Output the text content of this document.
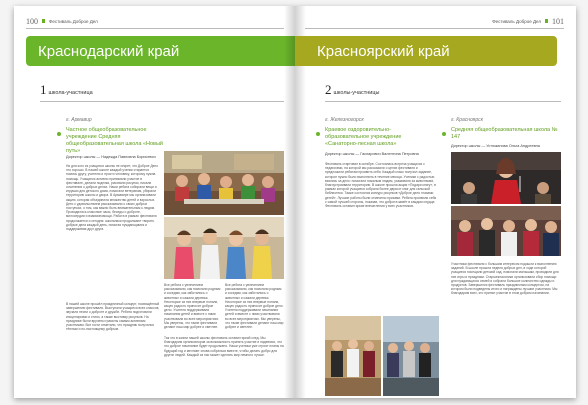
100 Фестиваль Доброе Дел
Краснодарский край
1 школа-участница
г. Армавир
Частное общеобразовательное учреждение Средняя общеобразовательная школа «Новый путь»
Директор школы — Надежда Павловна Борисевич
Ни для кого из учащихся школы не секрет, что Доброе Дело это хорошо. В нашей школе каждый ученик старается помочь другу, учителю и просто человеку, которому нужна помощь. Учащиеся активно принимали участие в фестивале, делали поделки, рисовали рисунки, писали сочинения о добрых делах. Наши ребята собирали вещи и игрушки для детского дома, помогали ветеранам, убирали территорию школы и двора. В Армавире мы организовали акцию, которая объединила множество детей и взрослых. Дети с удовольствием рассказывали о своих добрых поступках, о том, как важно быть внимательным к людям. Проводились классные часы, беседы о доброте, милосердии и взаимопомощи. Работа в рамках фестиваля продолжается и сегодня: школьники продолжают творить добрые дела каждый день, помогая нуждающимся и поддерживая друг друга.
В нашей школе прошёл праздничный концерт, посвящённый завершению фестиваля. Выступали учащиеся всех классов, звучали песни о доброте и дружбе. Ребята подготовили инсценировки и стихи, а также выставку рисунков. На празднике были вручены грамоты самым активным участникам. Все гости отметили, что праздник получился тёплым и по-настоящему добрым.
Все ребята с увлечением рассказывали, как помогали родным и соседям, как заботились о животных и сажали деревья. Некоторые из них впервые поняли, какую радость приносит доброе дело. Учителя поддерживали начинания детей и вместе с ними участвовали во всех мероприятиях. Мы уверены, что такие фестивали делают наш мир добрее и светлее.
Все ребята с увлечением рассказывали, как помогали родным и соседям, как заботились о животных и сажали деревья. Некоторые из них впервые поняли, какую радость приносит доброе дело. Учителя поддерживали начинания детей и вместе с ними участвовали во всех мероприятиях. Мы уверены, что такие фестивали делают наш мир добрее и светлее.
Так что в жизни нашей школы фестиваль оставил яркий след. Мы благодарим организаторов за возможность принять участие и надеемся, что это доброе начинание будет продолжено. Наши ученики уже строят планы на будущий год и мечтают снова собраться вместе, чтобы делать добро для других людей. Каждый из нас может сделать мир немного лучше.
Фестиваль Доброе Дел 101
Красноярский край
2 школы-участницы
г. Железногорск
Краевое оздоровительно-образовательное учреждение «Санаторно-лесная школа»
Директор школы — Гаспарович Валентина Петровна
Фестиваль стартовал в октябре. Состоялась встреча учащихся с педагогами, на которой мы рассказали о целях фестиваля и предложили ребятам проявить себя. Каждый класс получил задание, которое нужно было выполнить в течение месяца. Ученики с радостью взялись за дело: помогали пожилым людям, ухаживали за животными, благоустраивали территорию. В школе прошла акция «Подари книгу», в рамках которой учащиеся собрали более двухсот книг для сельской библиотеки. Также состоялся конкурс рисунков «Доброе дело глазами детей». Лучшие работы были отмечены призами. Ребята проявили себя с самой лучшей стороны, показав, что доброта живёт в каждом сердце. Фестиваль оставил яркие впечатления у всех участников.
г. Красноярск
Средняя общеобразовательная школа № 147
Директор школы — Устюжанова Ольга Андреевна
Участники фестиваля с большим интересом подошли к выполнению заданий. В школе прошла неделя добрых дел, в ходе которой учащиеся посещали детский сад, помогали малышам, проводили для них игры и праздники. Старшеклассники организовали сбор помощи для нуждающихся семей и собрали большое количество одежды и продуктов. Завершился фестиваль праздничным концертом, на котором были подведены итоги и награждены лучшие участники. Мы благодарим всех, кто принял участие в этом добром начинании.
